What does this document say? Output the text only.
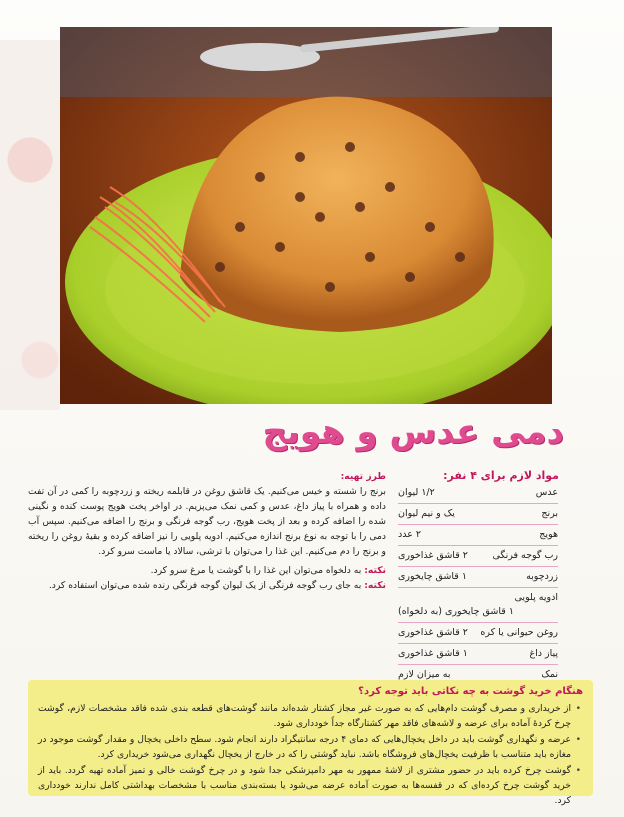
دمی عدس و هویج
مواد لازم برای ۴ نفر:
عدس
۱/۲ لیوان
برنج
یک و نیم لیوان
هویج
۲ عدد
رب گوجه فرنگی
۲ قاشق غذاخوری
زردچوبه
۱ قاشق چایخوری
ادویه پلویی
۱ قاشق چایخوری (به دلخواه)
روغن حیوانی یا کره
۲ قاشق غذاخوری
پیاز داغ
۱ قاشق غذاخوری
نمک
به میزان لازم

طرز تهیه:

برنج را شسته و خیس می‌کنیم. یک قاشق روغن در قابلمه ریخته و زردچوبه را کمی در آن تفت داده و همراه با پیاز داغ، عدس و کمی نمک می‌پزیم. در اواخر پخت هویج پوست کنده و نگینی شده را اضافه کرده و بعد از پخت هویج، رب گوجه فرنگی و برنج را اضافه می‌کنیم. سپس آب دمی را با توجه به نوع برنج اندازه می‌کنیم. ادویه پلویی را نیز اضافه کرده و بقیهٔ روغن را ریخته و برنج را دم می‌کنیم. این غذا را می‌توان با ترشی، سالاد یا ماست سرو کرد.

نکته: به دلخواه می‌توان این غذا را با گوشت یا مرغ سرو کرد.

نکته: به جای رب گوجه فرنگی از یک لیوان گوجه فرنگی رنده شده می‌توان استفاده کرد.

هنگام خرید گوشت به چه نکاتی باید توجه کرد؟
• از خریداری و مصرف گوشت دام‌هایی که به صورت غیر مجاز کشتار شده‌اند مانند گوشت‌های قطعه بندی شده فاقد مشخصات لازم، گوشت چرخ کردهٔ آماده برای عرضه و لاشه‌های فاقد مهر کشتارگاه جداً خودداری شود.
• عرضه و نگهداری گوشت باید در داخل یخچال‌هایی که دمای ۴ درجه سانتیگراد دارند انجام شود. سطح داخلی یخچال و مقدار گوشت موجود در مغازه باید متناسب با ظرفیت یخچال‌های فروشگاه باشد. نباید گوشتی را که در خارج از یخچال نگهداری می‌شود خریداری کرد.
• گوشت چرخ کرده باید در حضور مشتری از لاشهٔ ممهور به مهر دامپزشکی جدا شود و در چرخ گوشت خالی و تمیز آماده تهیه گردد. باید از خرید گوشت چرخ کرده‌ای که در قفسه‌ها به صورت آماده عرضه می‌شود یا بسته‌بندی مناسب با مشخصات بهداشتی کامل ندارند خودداری کرد.
